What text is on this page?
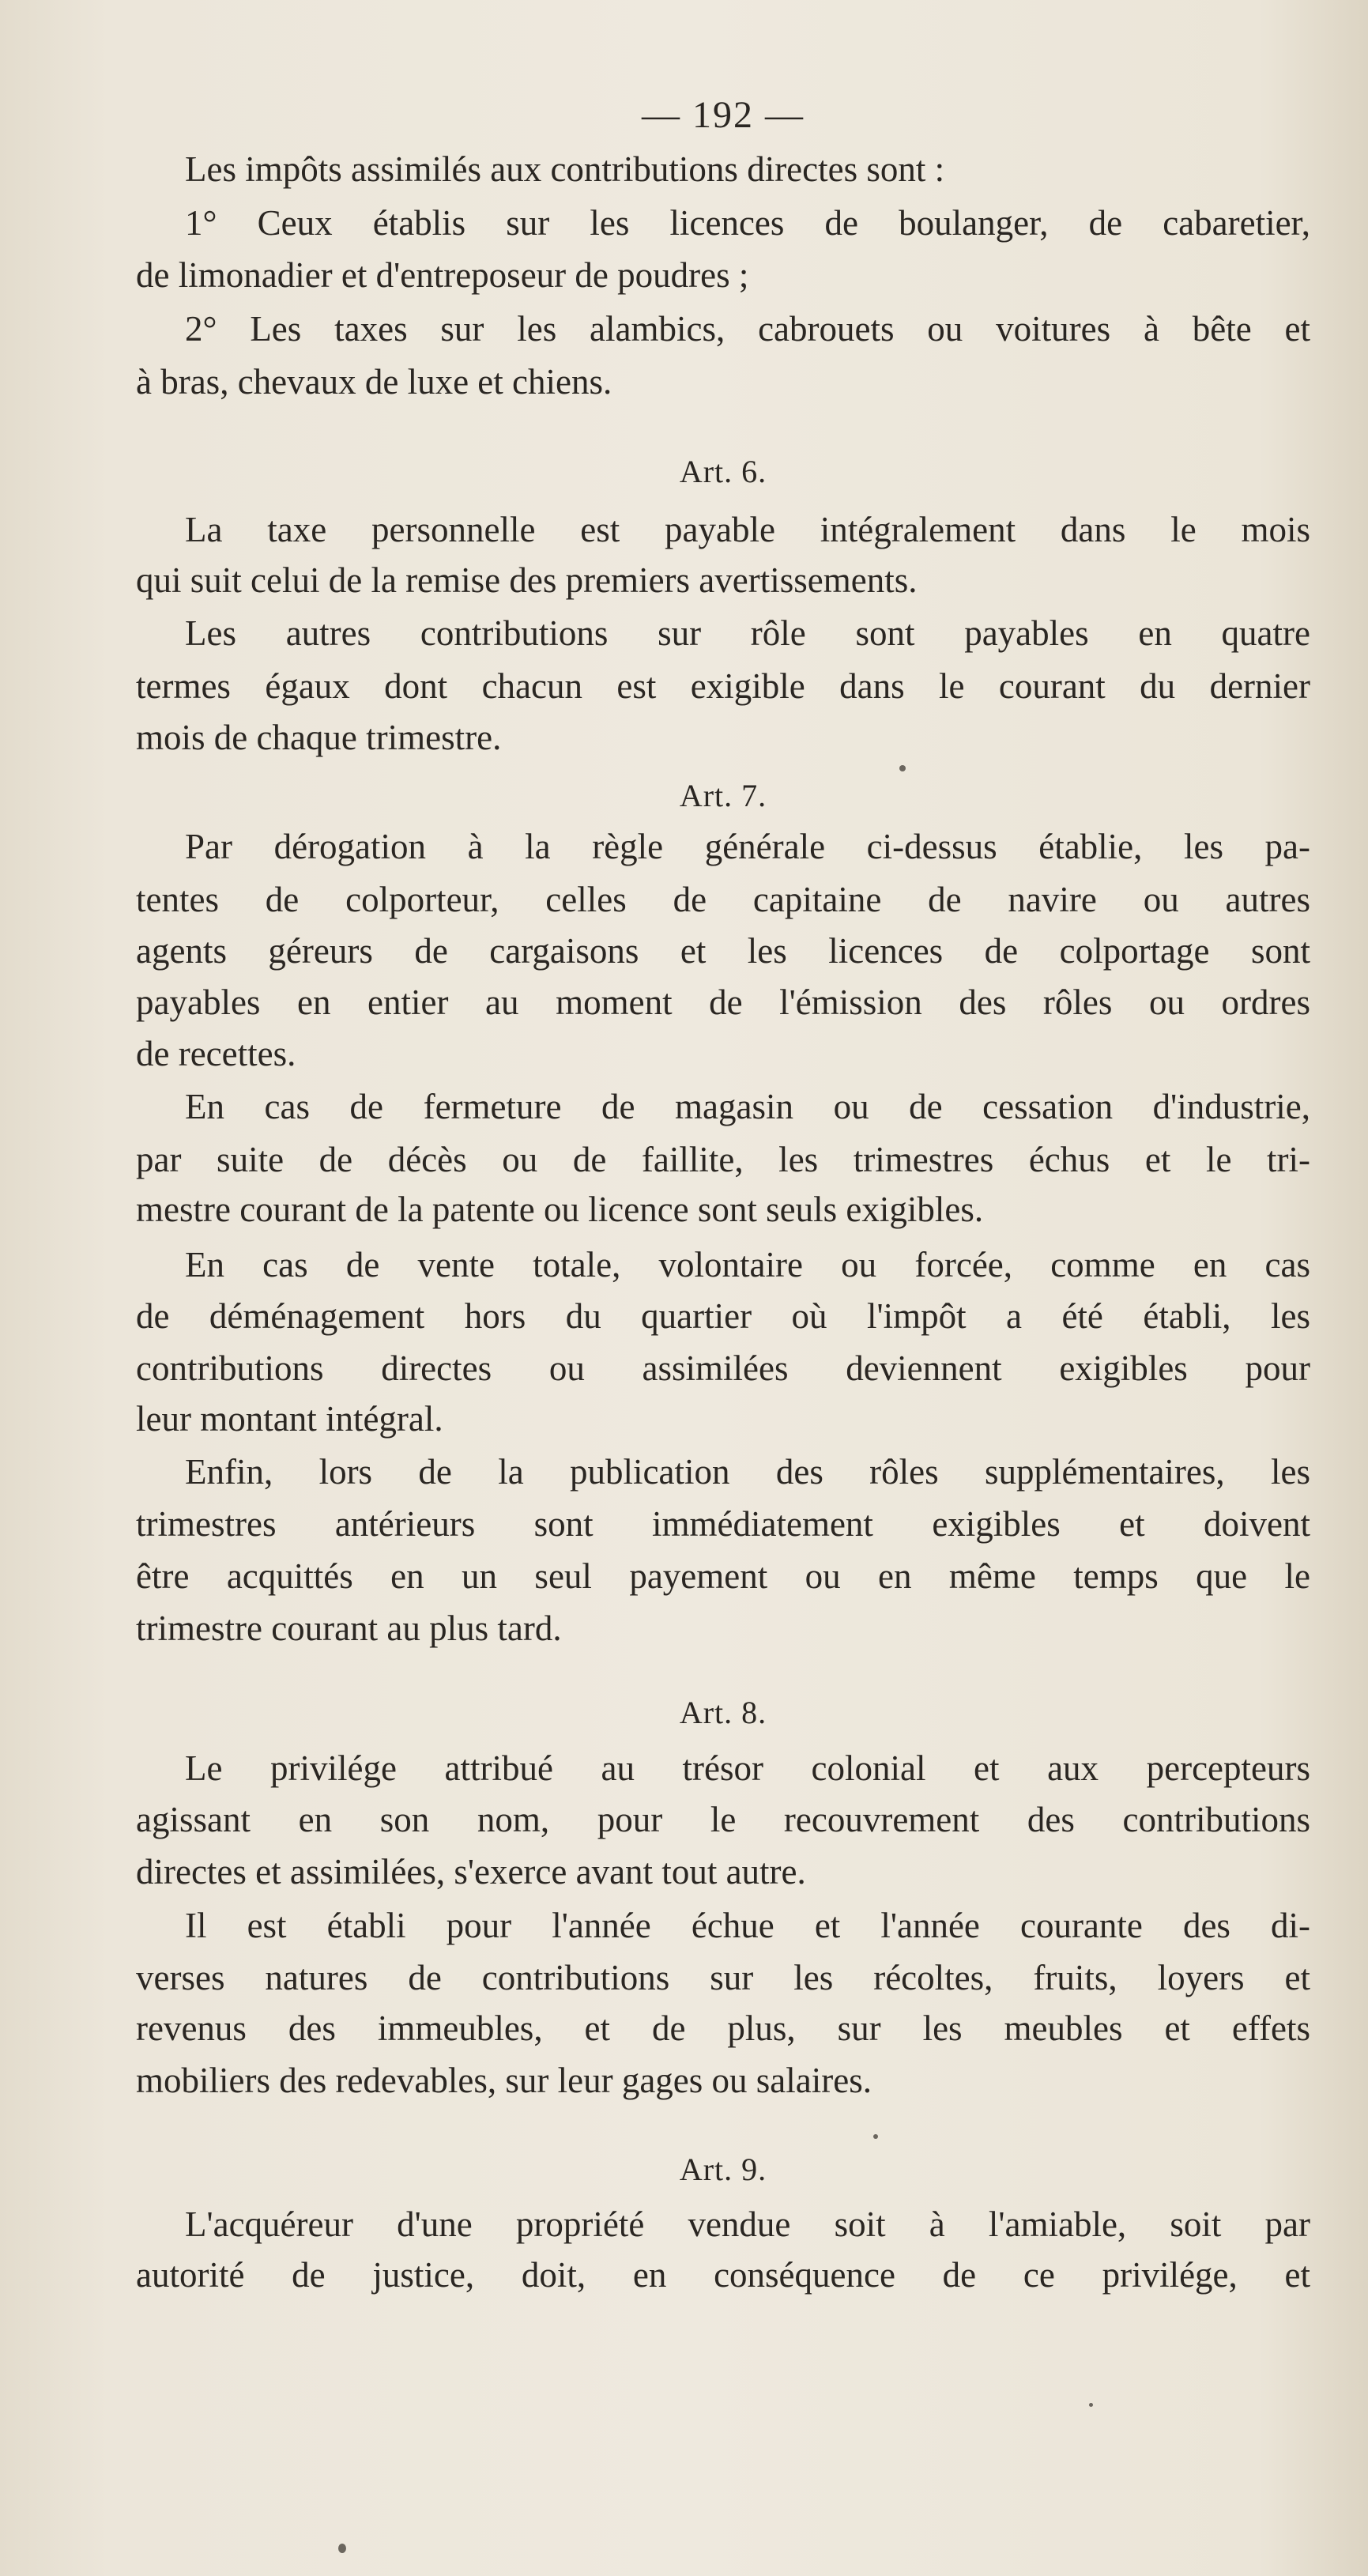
— 192 —
Les impôts assimilés aux contributions directes sont :
1° Ceux établis sur les licences de boulanger, de cabaretier,
de limonadier et d'entreposeur de poudres ;
2° Les taxes sur les alambics, cabrouets ou voitures à bête et
à bras, chevaux de luxe et chiens.
Art. 6.
La taxe personnelle est payable intégralement dans le mois
qui suit celui de la remise des premiers avertissements.
Les autres contributions sur rôle sont payables en quatre
termes égaux dont chacun est exigible dans le courant du dernier
mois de chaque trimestre.
Art. 7.
Par dérogation à la règle générale ci-dessus établie, les pa-
tentes de colporteur, celles de capitaine de navire ou autres
agents géreurs de cargaisons et les licences de colportage sont
payables en entier au moment de l'émission des rôles ou ordres
de recettes.
En cas de fermeture de magasin ou de cessation d'industrie,
par suite de décès ou de faillite, les trimestres échus et le tri-
mestre courant de la patente ou licence sont seuls exigibles.
En cas de vente totale, volontaire ou forcée, comme en cas
de déménagement hors du quartier où l'impôt a été établi, les
contributions directes ou assimilées deviennent exigibles pour
leur montant intégral.
Enfin, lors de la publication des rôles supplémentaires, les
trimestres antérieurs sont immédiatement exigibles et doivent
être acquittés en un seul payement ou en même temps que le
trimestre courant au plus tard.
Art. 8.
Le privilége attribué au trésor colonial et aux percepteurs
agissant en son nom, pour le recouvrement des contributions
directes et assimilées, s'exerce avant tout autre.
Il est établi pour l'année échue et l'année courante des di-
verses natures de contributions sur les récoltes, fruits, loyers et
revenus des immeubles, et de plus, sur les meubles et effets
mobiliers des redevables, sur leur gages ou salaires.
Art. 9.
L'acquéreur d'une propriété vendue soit à l'amiable, soit par
autorité de justice, doit, en conséquence de ce privilége, et
